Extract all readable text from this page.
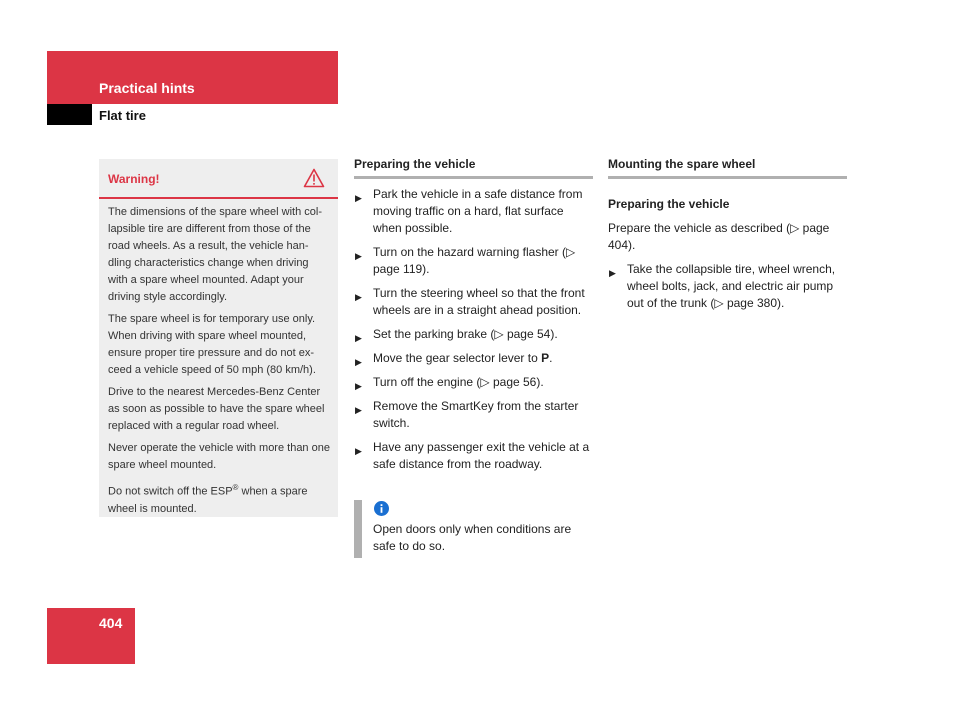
Practical hints
Flat tire
Warning!

The dimensions of the spare wheel with col-lapsible tire are different from those of the road wheels. As a result, the vehicle han-dling characteristics change when driving with a spare wheel mounted. Adapt your driving style accordingly.

The spare wheel is for temporary use only. When driving with spare wheel mounted, ensure proper tire pressure and do not ex-ceed a vehicle speed of 50 mph (80 km/h).

Drive to the nearest Mercedes-Benz Center as soon as possible to have the spare wheel replaced with a regular road wheel.

Never operate the vehicle with more than one spare wheel mounted.

Do not switch off the ESP® when a spare wheel is mounted.

Preparing the vehicle
▶ Park the vehicle in a safe distance from moving traffic on a hard, flat surface when possible.
▶ Turn on the hazard warning flasher (▷ page 119).
▶ Turn the steering wheel so that the front wheels are in a straight ahead position.
▶ Set the parking brake (▷ page 54).
▶ Move the gear selector lever to P.
▶ Turn off the engine (▷ page 56).
▶ Remove the SmartKey from the starter switch.
▶ Have any passenger exit the vehicle at a safe distance from the roadway.
Open doors only when conditions are safe to do so.
Mounting the spare wheel
Preparing the vehicle
Prepare the vehicle as described (▷ page 404).
▶ Take the collapsible tire, wheel wrench, wheel bolts, jack, and electric air pump out of the trunk (▷ page 380).
404
